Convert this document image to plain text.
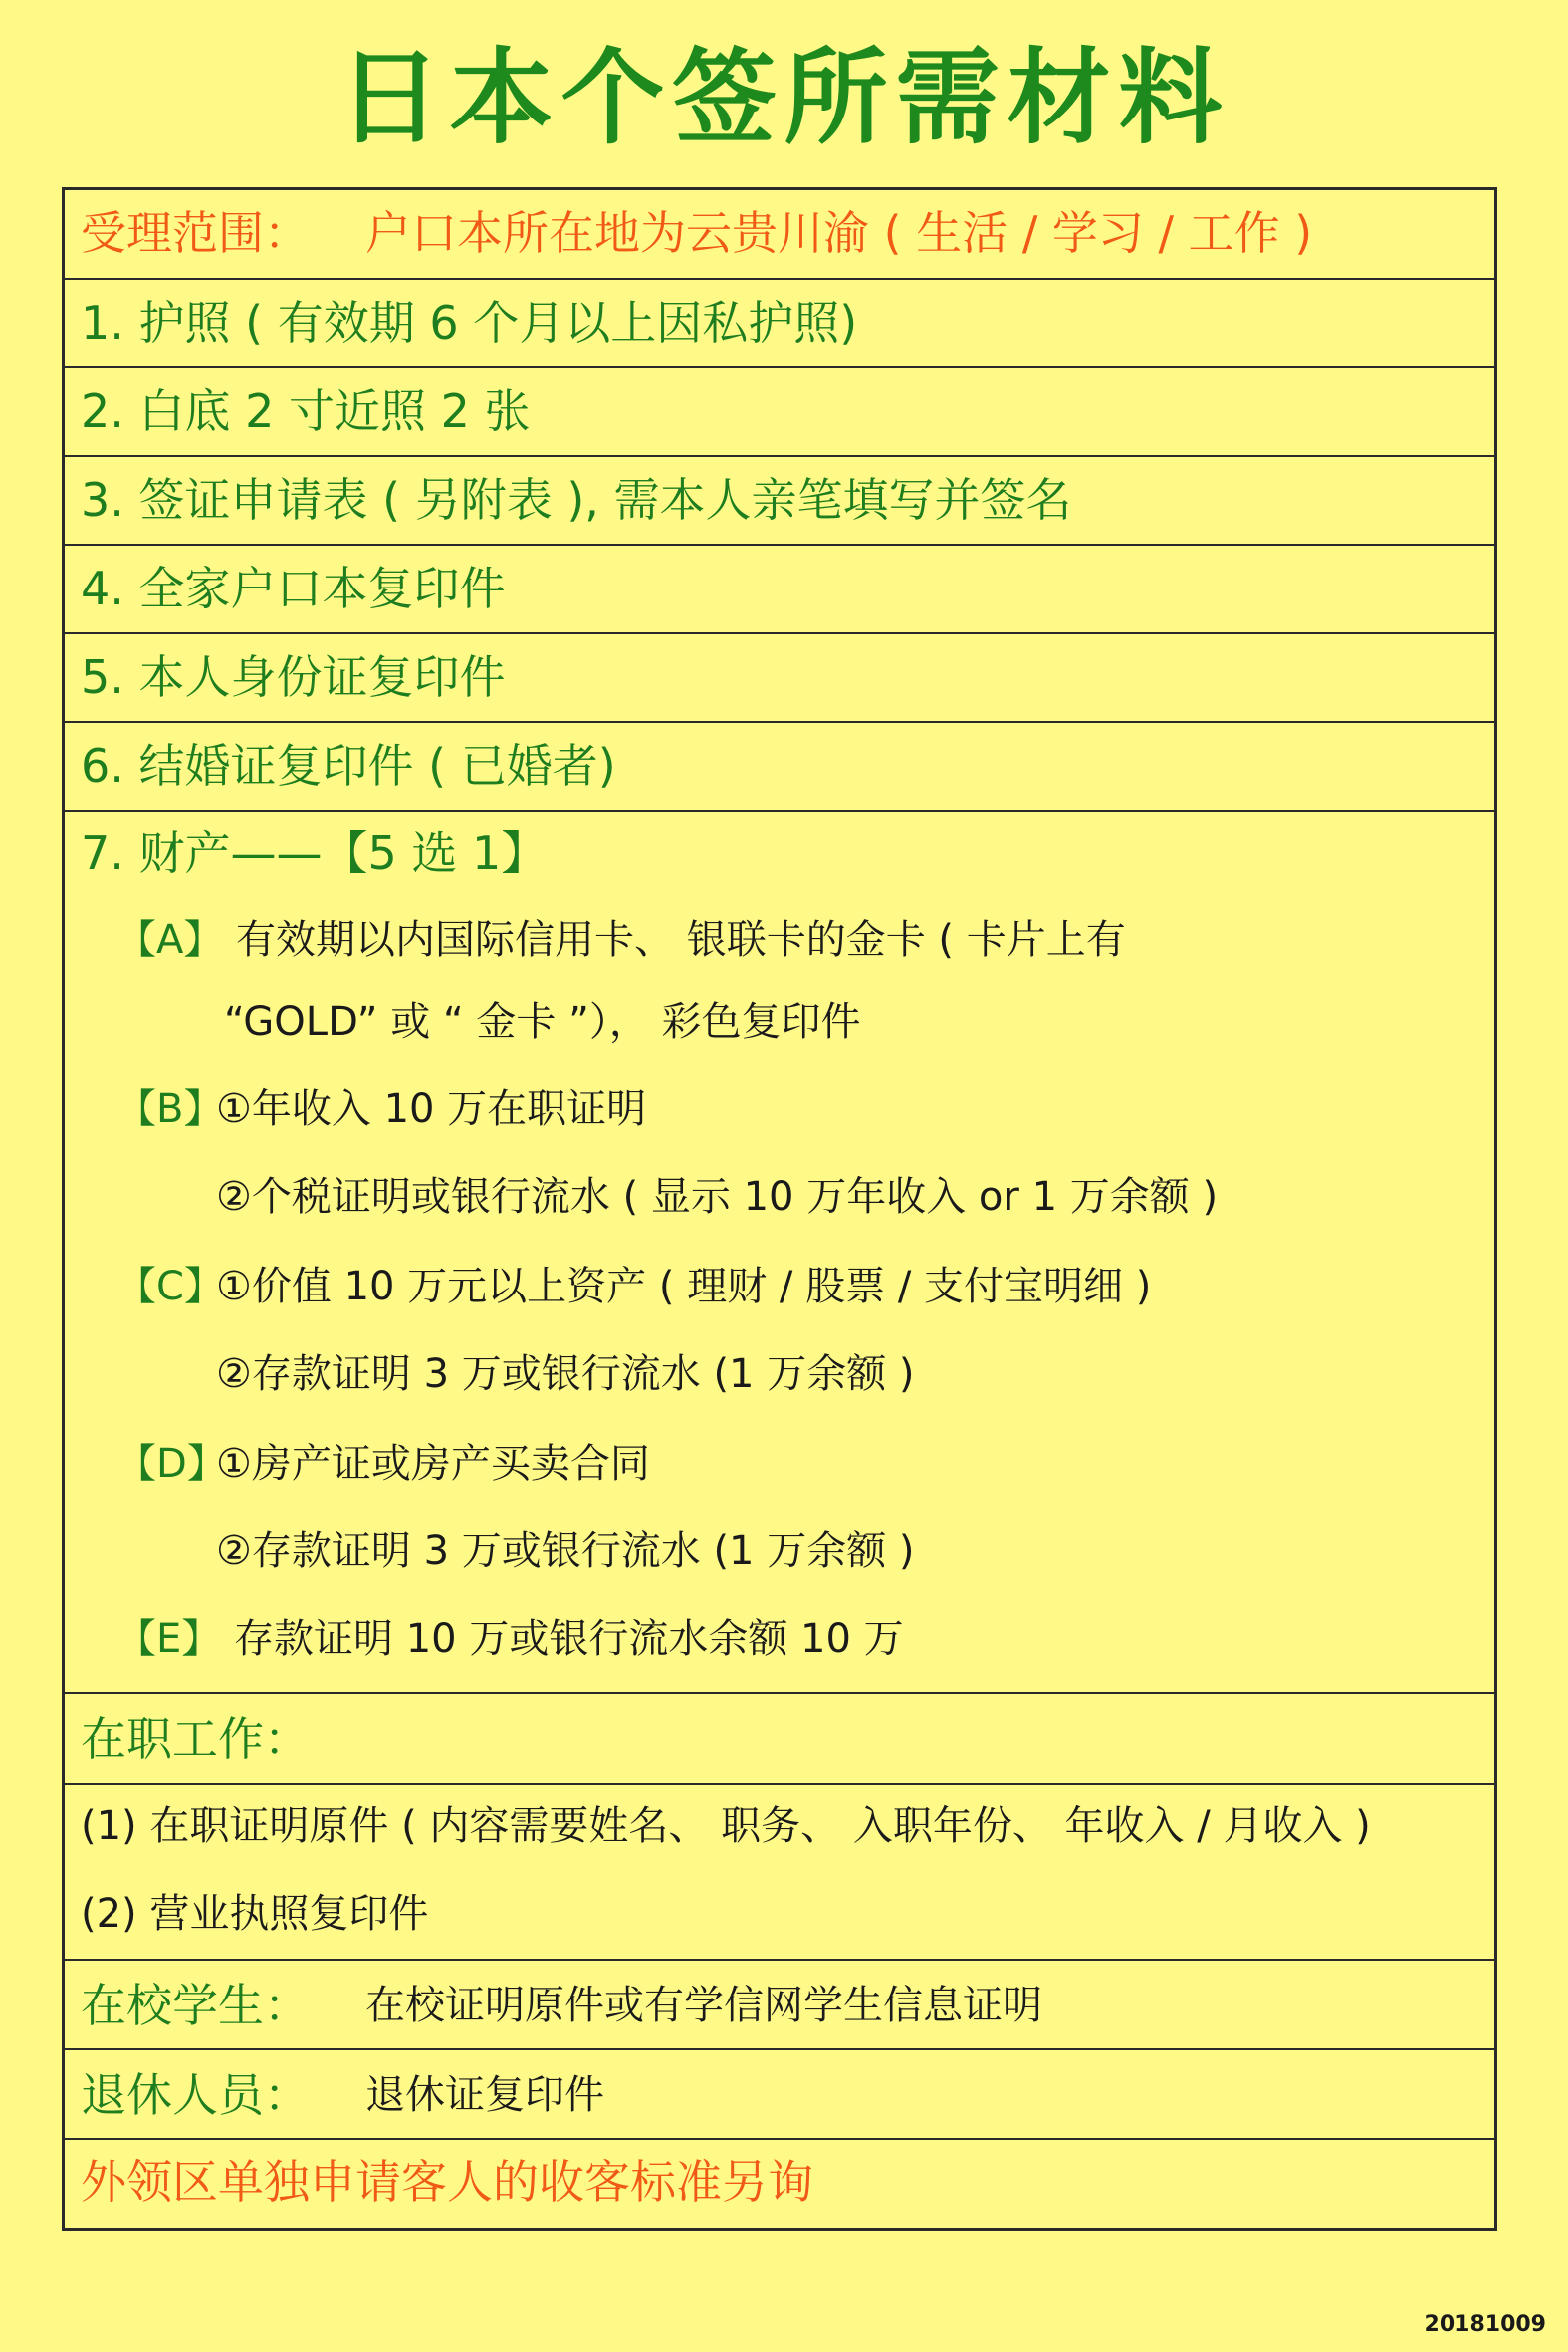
日本个签所需材料
受理范围： 户口本所在地为云贵川渝 ( 生活 / 学习 / 工作 )
1. 护照 ( 有效期 6 个月以上因私护照)
2. 白底 2 寸近照 2 张
3. 签证申请表 ( 另附表 ), 需本人亲笔填写并签名
4. 全家户口本复印件
5. 本人身份证复印件
6. 结婚证复印件 ( 已婚者)
7. 财产——【5 选 1】
【A】 有效期以内国际信用卡、 银联卡的金卡 ( 卡片上有
“GOLD” 或 “ 金卡 ”）， 彩色复印件
【B】
①年收入 10 万在职证明
②个税证明或银行流水 ( 显示 10 万年收入 or 1 万余额 )
【C】
①价值 10 万元以上资产 ( 理财 / 股票 / 支付宝明细 )
②存款证明 3 万或银行流水 (1 万余额 )
【D】
①房产证或房产买卖合同
②存款证明 3 万或银行流水 (1 万余额 )
【E】 存款证明 10 万或银行流水余额 10 万
在职工作：
(1) 在职证明原件 ( 内容需要姓名、 职务、 入职年份、 年收入 / 月收入 )
(2) 营业执照复印件
在校学生： 在校证明原件或有学信网学生信息证明
退休人员： 退休证复印件
外领区单独申请客人的收客标准另询
20181009
